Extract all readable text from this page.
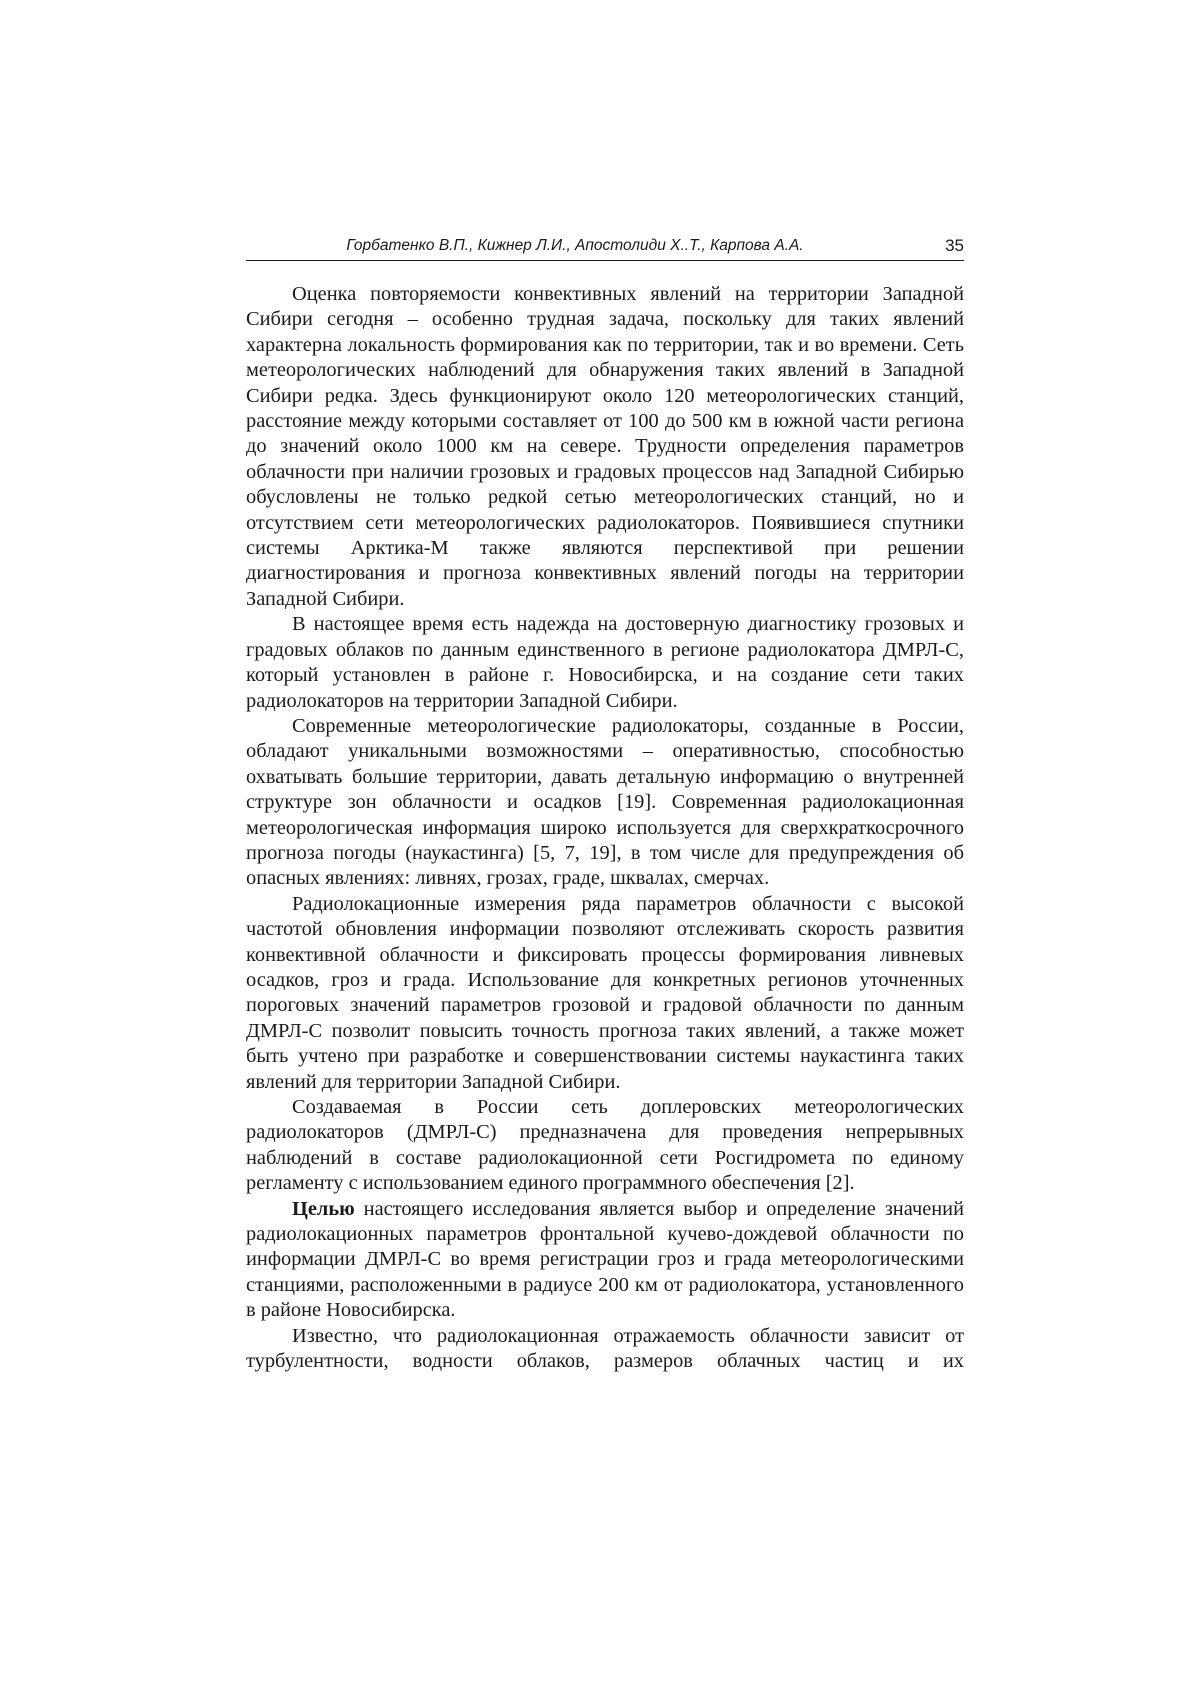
Горбатенко В.П., Кижнер Л.И., Апостолиди Х..Т., Карпова А.А.	35

Оценка повторяемости конвективных явлений на территории Западной Сибири сегодня – особенно трудная задача, поскольку для таких явлений характерна локальность формирования как по территории, так и во времени. Сеть метеорологических наблюдений для обнаружения таких явлений в Западной Сибири редка. Здесь функционируют около 120 метеорологических станций, расстояние между которыми составляет от 100 до 500 км в южной части региона до значений около 1000 км на севере. Трудности определения параметров облачности при наличии грозовых и градовых процессов над Западной Сибирью обусловлены не только редкой сетью метеорологических станций, но и отсутствием сети метеорологических радиолокаторов. Появившиеся спутники системы Арктика-М также являются перспективой при решении диагностирования и прогноза конвективных явлений погоды на территории Западной Сибири.

В настоящее время есть надежда на достоверную диагностику грозовых и градовых облаков по данным единственного в регионе радиолокатора ДМРЛ-С, который установлен в районе г. Новосибирска, и на создание сети таких радиолокаторов на территории Западной Сибири.

Современные метеорологические радиолокаторы, созданные в России, обладают уникальными возможностями – оперативностью, способностью охватывать большие территории, давать детальную информацию о внутренней структуре зон облачности и осадков [19]. Современная радиолокационная метеорологическая информация широко используется для сверхкраткосрочного прогноза погоды (наукастинга) [5, 7, 19], в том числе для предупреждения об опасных явлениях: ливнях, грозах, граде, шквалах, смерчах.

Радиолокационные измерения ряда параметров облачности с высокой частотой обновления информации позволяют отслеживать скорость развития конвективной облачности и фиксировать процессы формирования ливневых осадков, гроз и града. Использование для конкретных регионов уточненных пороговых значений параметров грозовой и градовой облачности по данным ДМРЛ-С позволит повысить точность прогноза таких явлений, а также может быть учтено при разработке и совершенствовании системы наукастинга таких явлений для территории Западной Сибири.

Создаваемая в России сеть доплеровских метеорологических радиолокаторов (ДМРЛ-С) предназначена для проведения непрерывных наблюдений в составе радиолокационной сети Росгидромета по единому регламенту с использованием единого программного обеспечения [2].

Целью настоящего исследования является выбор и определение значений радиолокационных параметров фронтальной кучево-дождевой облачности по информации ДМРЛ-С во время регистрации гроз и града метеорологическими станциями, расположенными в радиусе 200 км от радиолокатора, установленного в районе Новосибирска.

Известно, что радиолокационная отражаемость облачности зависит от турбулентности, водности облаков, размеров облачных частиц и их
